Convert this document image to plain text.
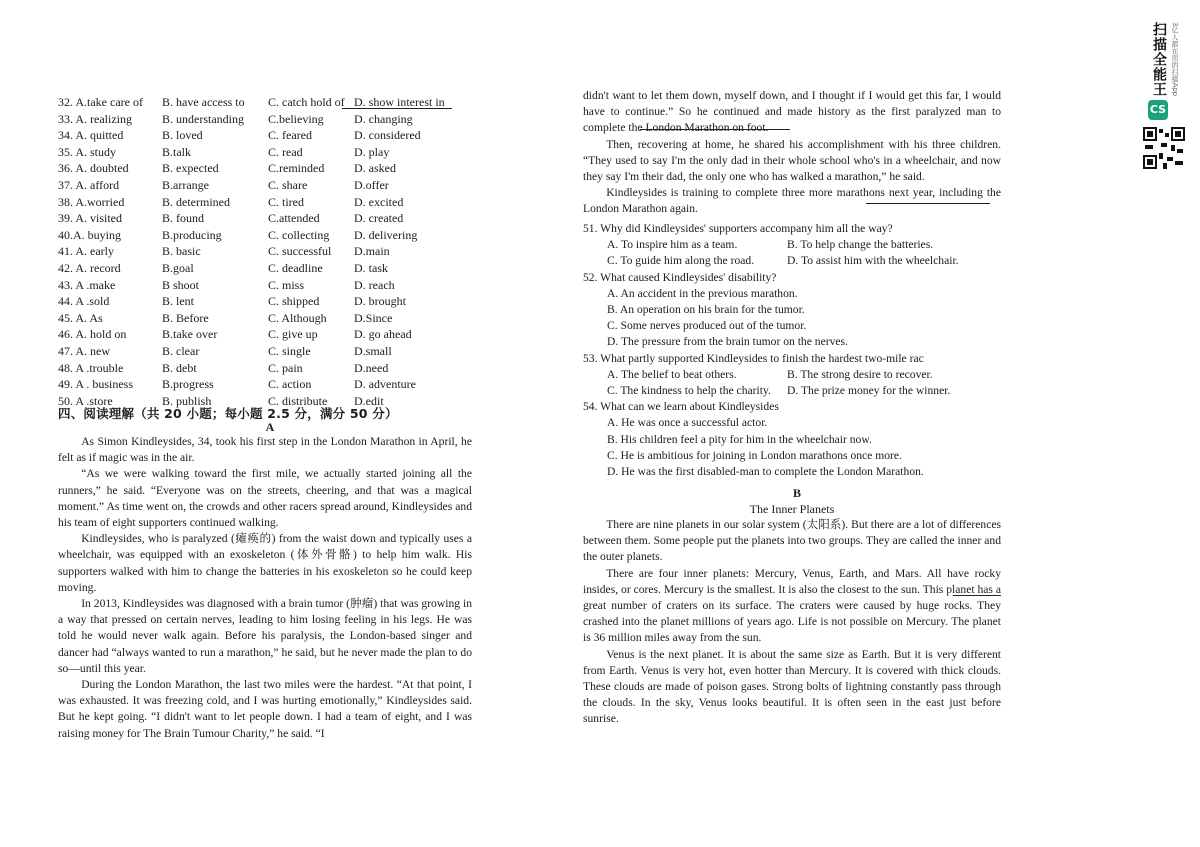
32. A.take care of	B. have access to	C. catch hold of D. show interest in
33. A. realizing	B. understanding	C.believing	D. changing
34. A. quitted	B. loved	C. feared	D. considered
35. A. study	B.talk	C. read	D. play
36. A. doubted	B. expected	C.reminded	D. asked
37. A. afford	B.arrange	C. share	D.offer
38. A.worried	B. determined	C. tired	D. excited
39. A. visited	B. found	C.attended	D. created
40.A. buying	B.producing	C. collecting	D. delivering
41. A. early	B. basic	C. successful	D.main
42. A. record	B.goal	C. deadline	D. task
43. A .make	B shoot	C. miss	D. reach
44. A .sold	B. lent	C. shipped	D. brought
45. A. As	B. Before	C. Although	D.Since
46. A. hold on	B.take over	C. give up	D. go ahead
47. A. new	B. clear	C. single	D.small
48. A .trouble	B. debt	C. pain	D.need
49. A . business	B.progress	C. action	D. adventure
50. A .store	B. publish	C. distribute	D.edit
四、阅读理解（共 20 小题；每小题 2.5 分，满分 50 分）
A

As Simon Kindleysides, 34, took his first step in the London Marathon in April, he felt as if magic was in the air.

“As we were walking toward the first mile, we actually started joining all the runners,” he said. “Everyone was on the streets, cheering, and that was a magical moment.” As time went on, the crowds and other racers spread around, Kindleysides and his team of eight supporters continued walking.

Kindleysides, who is paralyzed (瘫痪的) from the waist down and typically uses a wheelchair, was equipped with an exoskeleton (体外骨骼) to help him walk. His supporters walked with him to change the batteries in his exoskeleton so he could keep moving.

In 2013, Kindleysides was diagnosed with a brain tumor (肿瘤) that was growing in a way that pressed on certain nerves, leading to him losing feeling in his legs. He was told he would never walk again. Before his paralysis, the London-based singer and dancer had “always wanted to run a marathon,” he said, but he never made the plan to do so—until this year.

During the London Marathon, the last two miles were the hardest. “At that point, I was exhausted. It was freezing cold, and I was hurting emotionally,” Kindleysides said. But he kept going. “I didn't want to let people down. I had a team of eight, and I was raising money for The Brain Tumour Charity,” he said. “I

didn't want to let them down, myself down, and I thought if I would get this far, I would have to continue.” So he continued and made history as the first paralyzed man to complete the London Marathon on foot.

Then, recovering at home, he shared his accomplishment with his three children. “They used to say I'm the only dad in their whole school who's in a wheelchair, and now they say I'm their dad, the only one who has walked a marathon,” he said.

Kindleysides is training to complete three more marathons next year, including the London Marathon again.

51. Why did Kindleysides' supporters accompany him all the way?

A. To inspire him as a team.	B. To help change the batteries.
C. To guide him along the road.	D. To assist him with the wheelchair.

52. What caused Kindleysides' disability?

A. An accident in the previous marathon.
B. An operation on his brain for the tumor.
C. Some nerves produced out of the tumor.
D. The pressure from the brain tumor on the nerves.

53. What partly supported Kindleysides to finish the hardest two-mile rac

A. The belief to beat others.	B. The strong desire to recover.
C. The kindness to help the charity.	D. The prize money for the winner.

54. What can we learn about Kindleysides

A. He was once a successful actor.
B. His children feel a pity for him in the wheelchair now.
C. He is ambitious for joining in London marathons once more.
D. He was the first disabled-man to complete the London Marathon.
B
The Inner Planets

There are nine planets in our solar system (太阳系). But there are a lot of differences between them. Some people put the planets into two groups. They are called the inner and the outer planets.

There are four inner planets: Mercury, Venus, Earth, and Mars. All have rocky insides, or cores. Mercury is the smallest. It is also the closest to the sun. This planet has a great number of craters on its surface. The craters were caused by huge rocks. They crashed into the planet millions of years ago. Life is not possible on Mercury. The planet is 36 million miles away from the sun.

Venus is the next planet. It is about the same size as Earth. But it is very different from Earth. Venus is very hot, even hotter than Mercury. It is covered with thick clouds. These clouds are made of poison gases. Strong bolts of lightning constantly pass through the clouds. In the sky, Venus looks beautiful. It is often seen in the east just before sunrise.

扫描全能王 3亿人都在用的扫描App
CS
